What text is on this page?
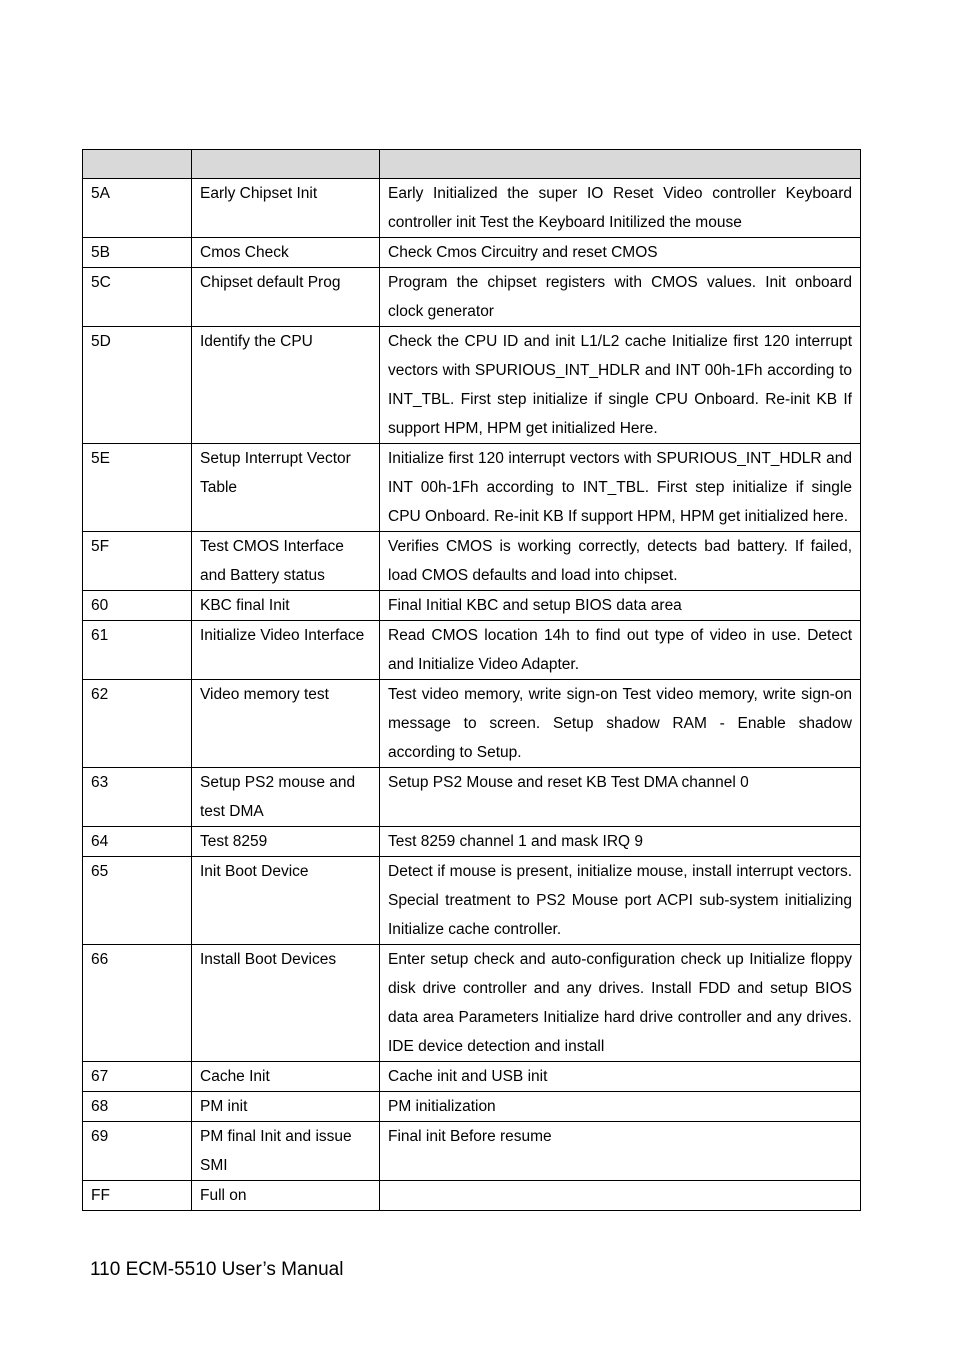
5A	Early Chipset Init	Early Initialized the super IO Reset Video controller Keyboard controller init Test the Keyboard Initilized the mouse
5B	Cmos Check	Check Cmos Circuitry and reset CMOS
5C	Chipset default Prog	Program the chipset registers with CMOS values. Init onboard clock generator
5D	Identify the CPU	Check the CPU ID and init L1/L2 cache Initialize first 120 interrupt vectors with SPURIOUS_INT_HDLR and INT 00h-1Fh according to INT_TBL. First step initialize if single CPU Onboard. Re-init KB If support HPM, HPM get initialized Here.
5E	Setup Interrupt Vector Table	Initialize first 120 interrupt vectors with SPURIOUS_INT_HDLR and INT 00h-1Fh according to INT_TBL. First step initialize if single CPU Onboard. Re-init KB If support HPM, HPM get initialized here.
5F	Test CMOS Interface and Battery status	Verifies CMOS is working correctly, detects bad battery. If failed, load CMOS defaults and load into chipset.
60	KBC final Init	Final Initial KBC and setup BIOS data area
61	Initialize Video Interface	Read CMOS location 14h to find out type of video in use. Detect and Initialize Video Adapter.
62	Video memory test	Test video memory, write sign-on Test video memory, write sign-on message to screen. Setup shadow RAM - Enable shadow according to Setup.
63	Setup PS2 mouse and test DMA	Setup PS2 Mouse and reset KB Test DMA channel 0
64	Test 8259	Test 8259 channel 1 and mask IRQ 9
65	Init Boot Device	Detect if mouse is present, initialize mouse, install interrupt vectors. Special treatment to PS2 Mouse port ACPI sub-system initializing Initialize cache controller.
66	Install Boot Devices	Enter setup check and auto-configuration check up Initialize floppy disk drive controller and any drives. Install FDD and setup BIOS data area Parameters Initialize hard drive controller and any drives. IDE device detection and install
67	Cache Init	Cache init and USB init
68	PM init	PM initialization
69	PM final Init and issue SMI	Final init Before resume
FF	Full on	
110 ECM-5510 User’s Manual
